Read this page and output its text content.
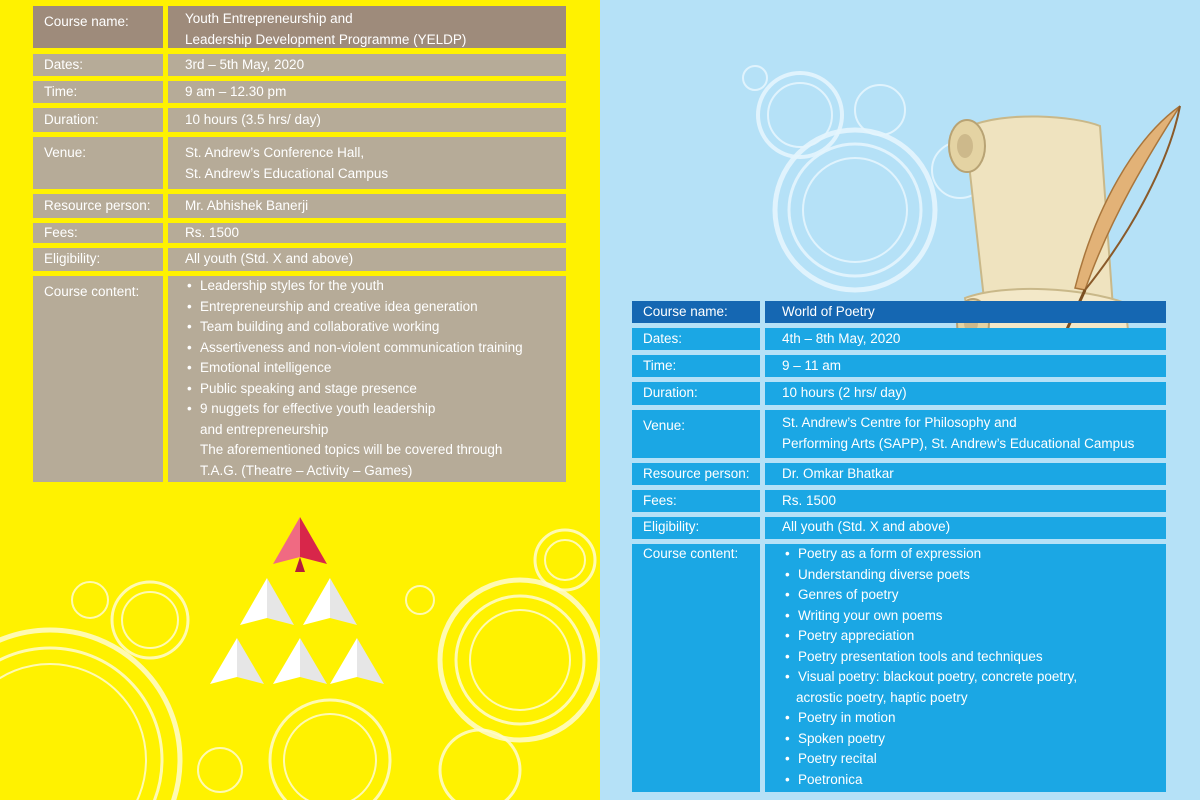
Course name:	Youth Entrepreneurship and
Leadership Development Programme (YELDP)
Dates:	3rd – 5th May, 2020
Time:	9 am – 12.30 pm
Duration:	10 hours (3.5 hrs/ day)
Venue:	St. Andrew’s Conference Hall,
St. Andrew’s Educational Campus
Resource person:	Mr. Abhishek Banerji
Fees:	Rs. 1500
Eligibility:	All youth (Std. X and above)
Course content:	• Leadership styles for the youth
• Entrepreneurship and creative idea generation
• Team building and collaborative working
• Assertiveness and non-violent communication training
• Emotional intelligence
• Public speaking and stage presence
• 9 nuggets for effective youth leadership
and entrepreneurship
The aforementioned topics will be covered through
T.A.G. (Theatre – Activity – Games)
Course name:	World of Poetry
Dates:	4th – 8th May, 2020
Time:	9 – 11 am
Duration:	10 hours (2 hrs/ day)
Venue:	St. Andrew’s Centre for Philosophy and
Performing Arts (SAPP), St. Andrew’s Educational Campus
Resource person:	Dr. Omkar Bhatkar
Fees:	Rs. 1500
Eligibility:	All youth (Std. X and above)
Course content:	• Poetry as a form of expression
• Understanding diverse poets
• Genres of poetry
• Writing your own poems
• Poetry appreciation
• Poetry presentation tools and techniques
• Visual poetry: blackout poetry, concrete poetry,
acrostic poetry, haptic poetry
• Poetry in motion
• Spoken poetry
• Poetry recital
• Poetronica
